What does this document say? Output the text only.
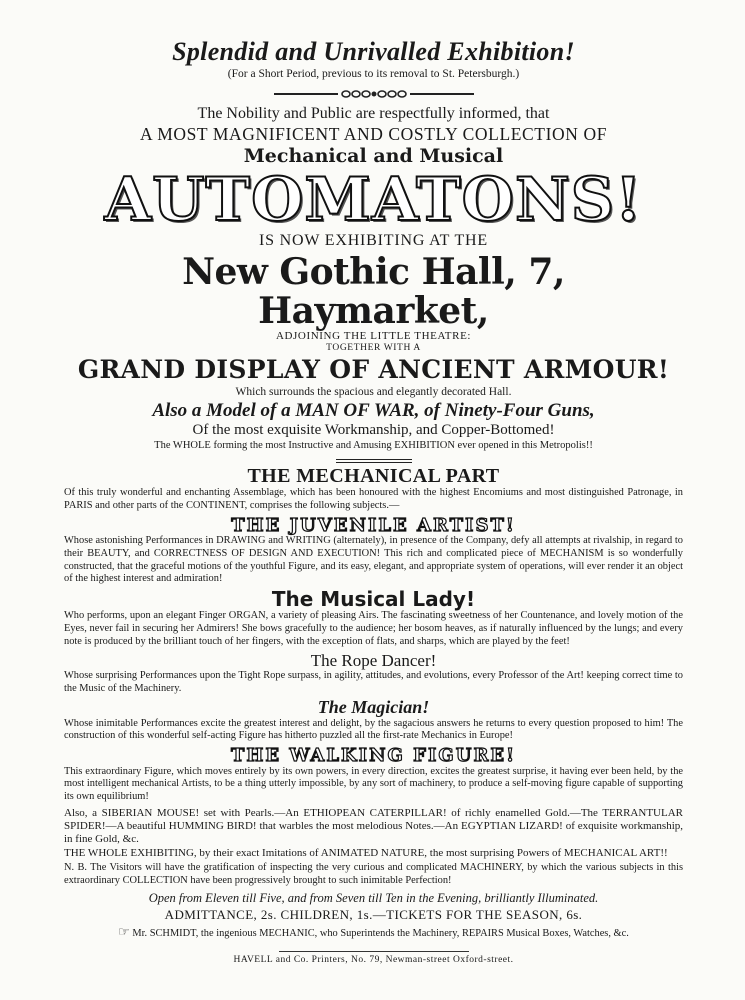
Splendid and Unrivalled Exhibition!

(For a Short Period, previous to its removal to St. Petersburgh.)

The Nobility and Public are respectfully informed, that

A MOST MAGNIFICENT AND COSTLY COLLECTION OF

Mechanical and Musical

AUTOMATONS!

IS NOW EXHIBITING AT THE

New Gothic Hall, 7, Haymarket,

ADJOINING THE LITTLE THEATRE:

TOGETHER WITH A

GRAND DISPLAY OF ANCIENT ARMOUR!

Which surrounds the spacious and elegantly decorated Hall.

Also a Model of a MAN OF WAR, of Ninety-Four Guns,

Of the most exquisite Workmanship, and Copper-Bottomed!

The WHOLE forming the most Instructive and Amusing EXHIBITION ever opened in this Metropolis!!

THE MECHANICAL PART

Of this truly wonderful and enchanting Assemblage, which has been honoured with the highest Encomiums and most distinguished Patronage, in PARIS and other parts of the CONTINENT, comprises the following subjects.—

THE JUVENILE ARTIST!

Whose astonishing Performances in DRAWING and WRITING (alternately), in presence of the Company, defy all attempts at rivalship, in regard to their BEAUTY, and CORRECTNESS OF DESIGN AND EXECUTION! This rich and complicated piece of MECHANISM is so wonderfully constructed, that the graceful motions of the youthful Figure, and its easy, elegant, and appropriate system of operations, will ever render it an object of the highest interest and admiration!

The Musical Lady!

Who performs, upon an elegant Finger ORGAN, a variety of pleasing Airs. The fascinating sweetness of her Countenance, and lovely motion of the Eyes, never fail in securing her Admirers! She bows gracefully to the audience; her bosom heaves, as if naturally influenced by the lungs; and every note is produced by the brilliant touch of her fingers, with the exception of flats, and sharps, which are played by the feet!

The Rope Dancer!

Whose surprising Performances upon the Tight Rope surpass, in agility, attitudes, and evolutions, every Professor of the Art! keeping correct time to the Music of the Machinery.

The Magician!

Whose inimitable Performances excite the greatest interest and delight, by the sagacious answers he returns to every question proposed to him! The construction of this wonderful self-acting Figure has hitherto puzzled all the first-rate Mechanics in Europe!

THE WALKING FIGURE!

This extraordinary Figure, which moves entirely by its own powers, in every direction, excites the greatest surprise, it having ever been held, by the most intelligent mechanical Artists, to be a thing utterly impossible, by any sort of machinery, to produce a self-moving figure capable of supporting its own equilibrium!

Also, a SIBERIAN MOUSE! set with Pearls.—An ETHIOPEAN CATERPILLAR! of richly enamelled Gold.—The TERRANTULAR SPIDER!—A beautiful HUMMING BIRD! that warbles the most melodious Notes.—An EGYPTIAN LIZARD! of exquisite workmanship, in fine Gold, &c.

THE WHOLE EXHIBITING, by their exact Imitations of ANIMATED NATURE, the most surprising Powers of MECHANICAL ART!!

N. B. The Visitors will have the gratification of inspecting the very curious and complicated MACHINERY, by which the various subjects in this extraordinary COLLECTION have been progressively brought to such inimitable Perfection!

Open from Eleven till Five, and from Seven till Ten in the Evening, brilliantly Illuminated.

ADMITTANCE, 2s. CHILDREN, 1s.—TICKETS FOR THE SEASON, 6s.

☞ Mr. SCHMIDT, the ingenious MECHANIC, who Superintends the Machinery, REPAIRS Musical Boxes, Watches, &c.

HAVELL and Co. Printers, No. 79, Newman-street Oxford-street.
